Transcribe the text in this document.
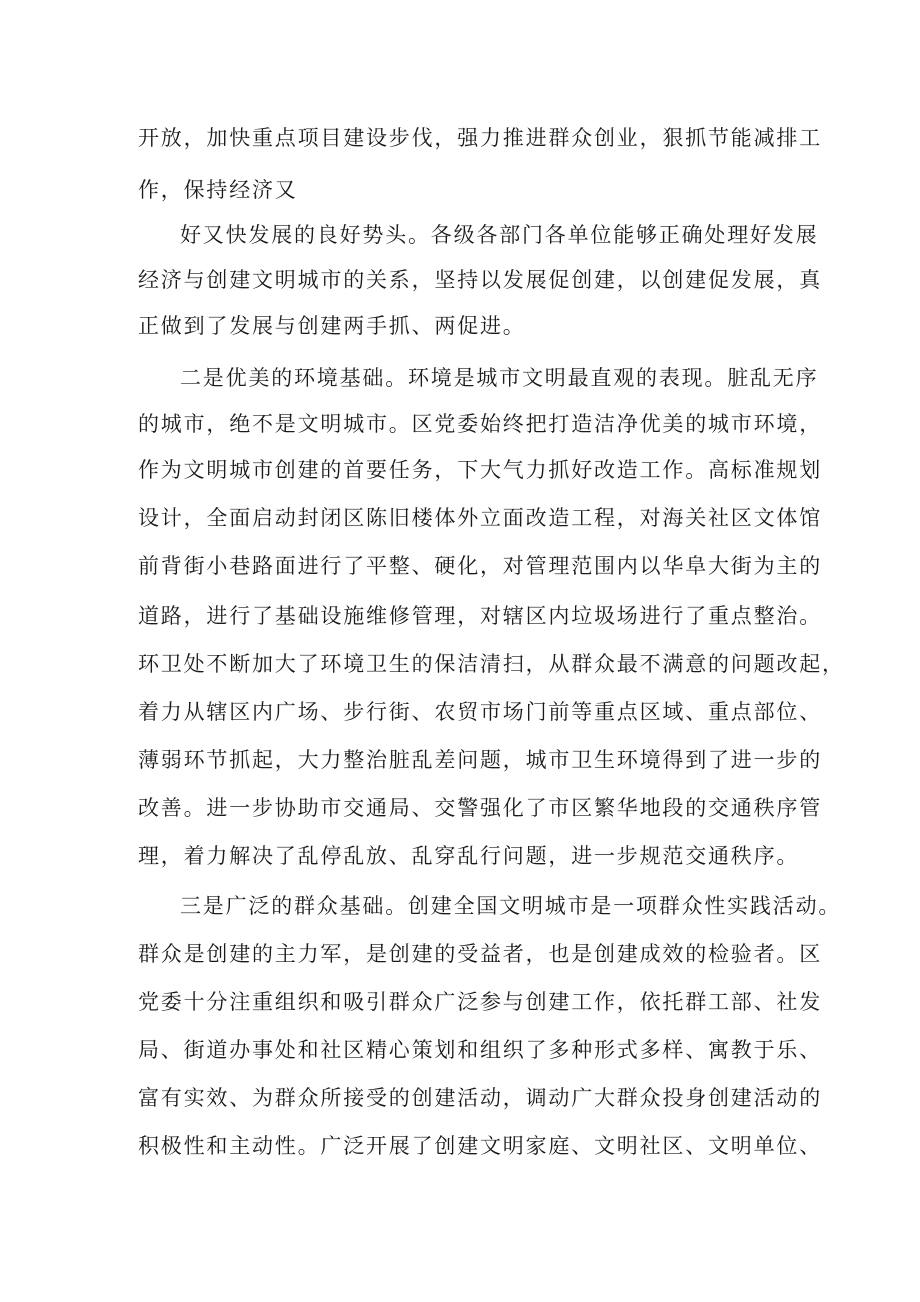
开放，加快重点项目建设步伐，强力推进群众创业，狠抓节能减排工
作，保持经济又
好又快发展的良好势头。各级各部门各单位能够正确处理好发展
经济与创建文明城市的关系，坚持以发展促创建，以创建促发展，真
正做到了发展与创建两手抓、两促进。
二是优美的环境基础。环境是城市文明最直观的表现。脏乱无序
的城市，绝不是文明城市。区党委始终把打造洁净优美的城市环境，
作为文明城市创建的首要任务，下大气力抓好改造工作。高标准规划
设计，全面启动封闭区陈旧楼体外立面改造工程，对海关社区文体馆
前背街小巷路面进行了平整、硬化，对管理范围内以华阜大街为主的
道路，进行了基础设施维修管理，对辖区内垃圾场进行了重点整治。
环卫处不断加大了环境卫生的保洁清扫，从群众最不满意的问题改起，
着力从辖区内广场、步行街、农贸市场门前等重点区域、重点部位、
薄弱环节抓起，大力整治脏乱差问题，城市卫生环境得到了进一步的
改善。进一步协助市交通局、交警强化了市区繁华地段的交通秩序管
理，着力解决了乱停乱放、乱穿乱行问题，进一步规范交通秩序。
三是广泛的群众基础。创建全国文明城市是一项群众性实践活动。
群众是创建的主力军，是创建的受益者，也是创建成效的检验者。区
党委十分注重组织和吸引群众广泛参与创建工作，依托群工部、社发
局、街道办事处和社区精心策划和组织了多种形式多样、寓教于乐、
富有实效、为群众所接受的创建活动，调动广大群众投身创建活动的
积极性和主动性。广泛开展了创建文明家庭、文明社区、文明单位、
